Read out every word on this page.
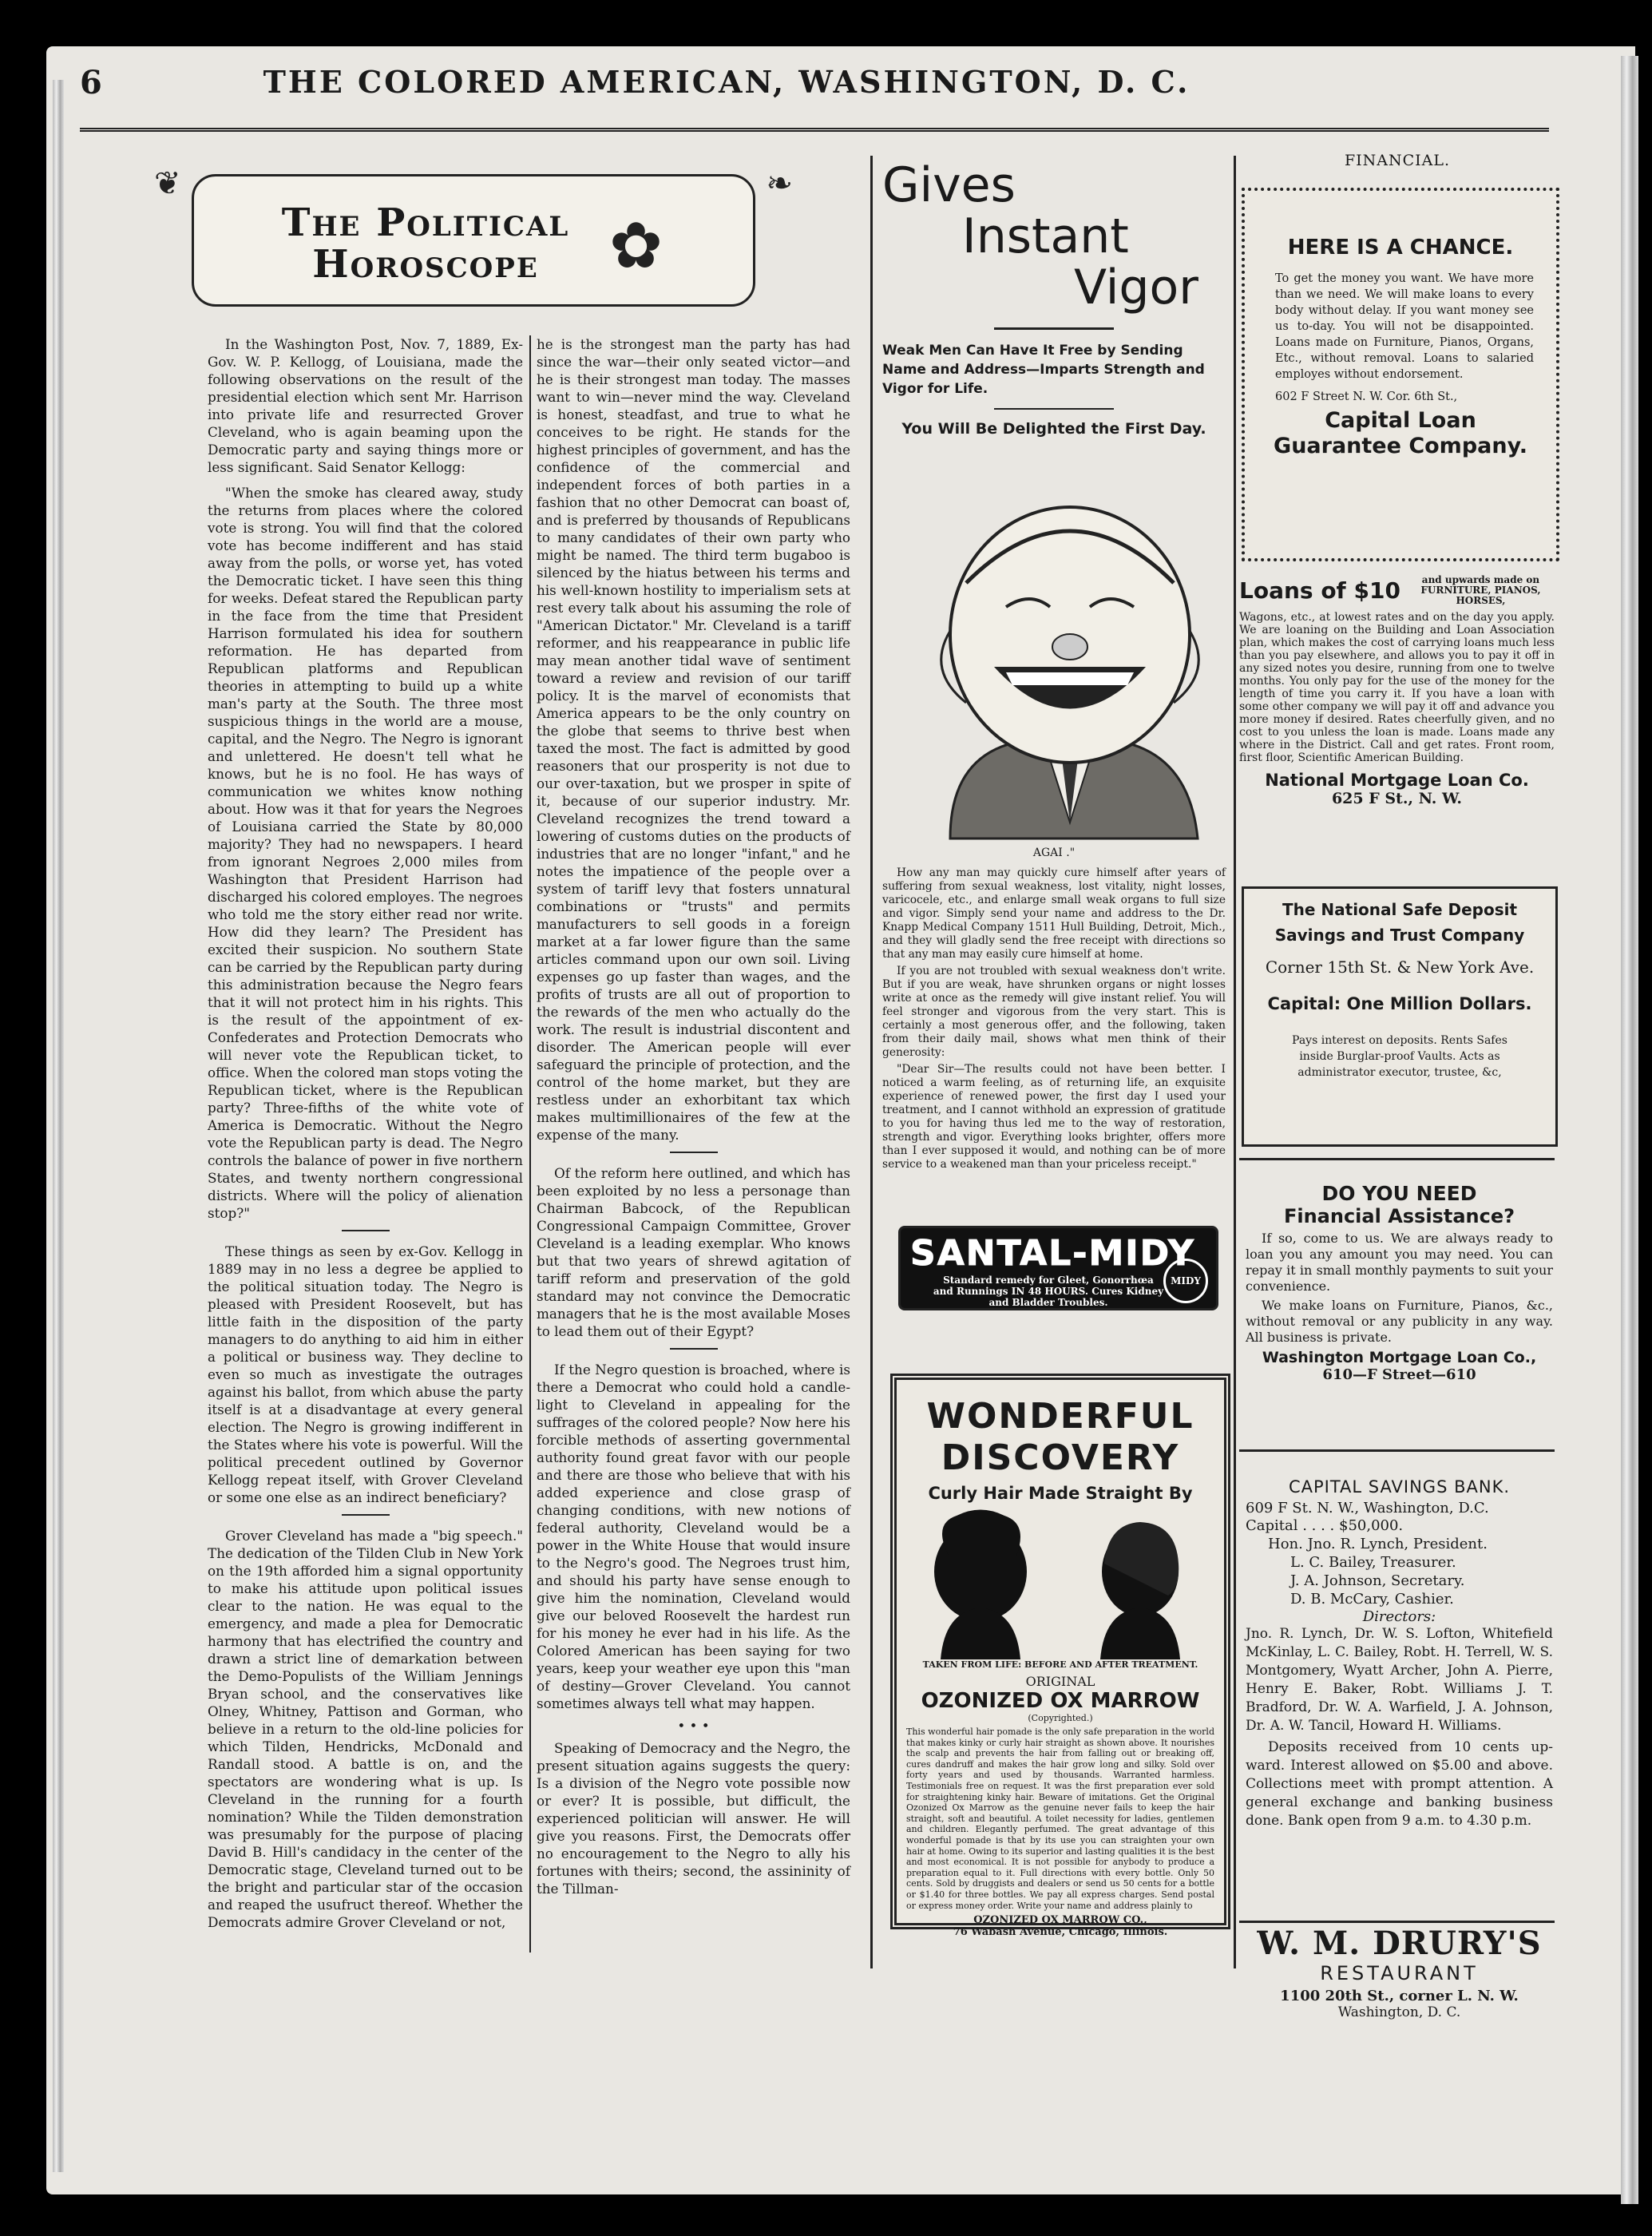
6	THE COLORED AMERICAN, WASHINGTON, D. C.
❦	❧
✿
The Political Horoscope

In the Washington Post, Nov. 7, 1889, Ex-Gov. W. P. Kellogg, of Louisiana, made the following observations on the result of the presidential election which sent Mr. Harrison into private life and resurrected Grover Cleveland, who is again beaming upon the Democratic party and saying things more or less significant. Said Senator Kellogg:

"When the smoke has cleared away, study the returns from places where the colored vote is strong. You will find that the colored vote has become indifferent and has staid away from the polls, or worse yet, has voted the Democratic ticket. I have seen this thing for weeks. Defeat stared the Republican party in the face from the time that President Harrison formulated his idea for southern reformation. He has departed from Republican platforms and Republican theories in attempting to build up a white man's party at the South. The three most suspicious things in the world are a mouse, capital, and the Negro. The Negro is ignorant and unlettered. He doesn't tell what he knows, but he is no fool. He has ways of communication we whites know nothing about. How was it that for years the Negroes of Louisiana carried the State by 80,000 majority? They had no newspapers. I heard from ignorant Negroes 2,000 miles from Washington that President Harrison had discharged his colored employes. The negroes who told me the story either read nor write. How did they learn? The President has excited their suspicion. No southern State can be carried by the Republican party during this administration because the Negro fears that it will not protect him in his rights. This is the result of the appointment of ex-Confederates and Protection Democrats who will never vote the Republican ticket, to office. When the colored man stops voting the Republican ticket, where is the Republican party? Three-fifths of the white vote of America is Democratic. Without the Negro vote the Republican party is dead. The Negro controls the balance of power in five northern States, and twenty northern congressional districts. Where will the policy of alienation stop?"

These things as seen by ex-Gov. Kellogg in 1889 may in no less a degree be applied to the political situation today. The Negro is pleased with President Roosevelt, but has little faith in the disposition of the party managers to do anything to aid him in either a political or business way. They decline to even so much as investigate the outrages against his ballot, from which abuse the party itself is at a disadvantage at every general election. The Negro is growing indifferent in the States where his vote is powerful. Will the political precedent outlined by Governor Kellogg repeat itself, with Grover Cleveland or some one else as an indirect beneficiary?

Grover Cleveland has made a "big speech." The dedication of the Tilden Club in New York on the 19th afforded him a signal opportunity to make his attitude upon political issues clear to the nation. He was equal to the emergency, and made a plea for Democratic harmony that has electrified the country and drawn a strict line of demarkation between the Demo-Populists of the William Jennings Bryan school, and the conservatives like Olney, Whitney, Pattison and Gorman, who believe in a return to the old-line policies for which Tilden, Hendricks, McDonald and Randall stood. A battle is on, and the spectators are wondering what is up. Is Cleveland in the running for a fourth nomination? While the Tilden demonstration was presumably for the purpose of placing David B. Hill's candidacy in the center of the Democratic stage, Cleveland turned out to be the bright and particular star of the occasion and reaped the usufruct thereof. Whether the Democrats admire Grover Cleveland or not,

he is the strongest man the party has had since the war—their only seated victor—and he is their strongest man today. The masses want to win—never mind the way. Cleveland is honest, steadfast, and true to what he conceives to be right. He stands for the highest principles of government, and has the confidence of the commercial and independent forces of both parties in a fashion that no other Democrat can boast of, and is preferred by thousands of Republicans to many candidates of their own party who might be named. The third term bugaboo is silenced by the hiatus between his terms and his well-known hostility to imperialism sets at rest every talk about his assuming the role of "American Dictator." Mr. Cleveland is a tariff reformer, and his reappearance in public life may mean another tidal wave of sentiment toward a review and revision of our tariff policy. It is the marvel of economists that America appears to be the only country on the globe that seems to thrive best when taxed the most. The fact is admitted by good reasoners that our prosperity is not due to our over-taxation, but we prosper in spite of it, because of our superior industry. Mr. Cleveland recognizes the trend toward a lowering of customs duties on the products of industries that are no longer "infant," and he notes the impatience of the people over a system of tariff levy that fosters unnatural combinations or "trusts" and permits manufacturers to sell goods in a foreign market at a far lower figure than the same articles command upon our own soil. Living expenses go up faster than wages, and the profits of trusts are all out of proportion to the rewards of the men who actually do the work. The result is industrial discontent and disorder. The American people will ever safeguard the principle of protection, and the control of the home market, but they are restless under an exhorbitant tax which makes multimillionaires of the few at the expense of the many.

Of the reform here outlined, and which has been exploited by no less a personage than Chairman Babcock, of the Republican Congressional Campaign Committee, Grover Cleveland is a leading exemplar. Who knows but that two years of shrewd agitation of tariff reform and preservation of the gold standard may not convince the Democratic managers that he is the most available Moses to lead them out of their Egypt?

If the Negro question is broached, where is there a Democrat who could hold a candle-light to Cleveland in appealing for the suffrages of the colored people? Now here his forcible methods of asserting governmental authority found great favor with our people and there are those who believe that with his added experience and close grasp of changing conditions, with new notions of federal authority, Cleveland would be a power in the White House that would insure to the Negro's good. The Negroes trust him, and should his party have sense enough to give him the nomination, Cleveland would give our beloved Roosevelt the hardest run for his money he ever had in his life. As the Colored American has been saying for two years, keep your weather eye upon this "man of destiny—Grover Cleveland. You cannot sometimes always tell what may happen.

• • •

Speaking of Democracy and the Negro, the present situation agains suggests the query: Is a division of the Negro vote possible now or ever? It is possible, but difficult, the experienced politician will answer. He will give you reasons. First, the Democrats offer no encouragement to the Negro to ally his fortunes with theirs; second, the assininity of the Tillman-

Gives
Instant
Vigor
Weak Men Can Have It Free by Sending Name and Address—Imparts Strength and Vigor for Life.
You Will Be Delighted the First Day.
AGAI ."

How any man may quickly cure himself after years of suffering from sexual weakness, lost vitality, night losses, varicocele, etc., and enlarge small weak organs to full size and vigor. Simply send your name and address to the Dr. Knapp Medical Company 1511 Hull Building, Detroit, Mich., and they will gladly send the free receipt with directions so that any man may easily cure himself at home.

If you are not troubled with sexual weakness don't write. But if you are weak, have shrunken organs or night losses write at once as the remedy will give instant relief. You will feel stronger and vigorous from the very start. This is certainly a most generous offer, and the following, taken from their daily mail, shows what men think of their generosity:

"Dear Sir—The results could not have been better. I noticed a warm feeling, as of returning life, an exquisite experience of renewed power, the first day I used your treatment, and I cannot withhold an expression of gratitude to you for having thus led me to the way of restoration, strength and vigor. Everything looks brighter, offers more than I ever supposed it would, and nothing can be of more service to a weakened man than your priceless receipt."

SANTAL-MIDY
MIDY
Standard remedy for Gleet, Gonorrhœa and Runnings IN 48 HOURS. Cures Kidney and Bladder Troubles.
WONDERFUL
DISCOVERY
Curly Hair Made Straight By
TAKEN FROM LIFE: BEFORE AND AFTER TREATMENT.
ORIGINAL
OZONIZED OX MARROW
(Copyrighted.)
This wonderful hair pomade is the only safe preparation in the world that makes kinky or curly hair straight as shown above. It nourishes the scalp and prevents the hair from falling out or breaking off, cures dandruff and makes the hair grow long and silky. Sold over forty years and used by thousands. Warranted harmless. Testimonials free on request. It was the first preparation ever sold for straightening kinky hair. Beware of imitations. Get the Original Ozonized Ox Marrow as the genuine never fails to keep the hair straight, soft and beautiful. A toilet necessity for ladies, gentlemen and children. Elegantly perfumed. The great advantage of this wonderful pomade is that by its use you can straighten your own hair at home. Owing to its superior and lasting qualities it is the best and most economical. It is not possible for anybody to produce a preparation equal to it. Full directions with every bottle. Only 50 cents. Sold by druggists and dealers or send us 50 cents for a bottle or $1.40 for three bottles. We pay all express charges. Send postal or express money order. Write your name and address plainly to
OZONIZED OX MARROW CO.,
76 Wabash Avenue, Chicago, Illinois.
FINANCIAL.
HERE IS A CHANCE.
To get the money you want. We have more than we need. We will make loans to every body without delay. If you want money see us to-day. You will not be disappointed. Loans made on Furniture, Pianos, Organs, Etc., without removal. Loans to salaried employes without endorsement.
602 F Street N. W. Cor. 6th St.,
Capital Loan Guarantee Company.
Loans of $10	and upwards made on FURNITURE, PIANOS, HORSES,
Wagons, etc., at lowest rates and on the day you apply. We are loaning on the Building and Loan Association plan, which makes the cost of carrying loans much less than you pay elsewhere, and allows you to pay it off in any sized notes you desire, running from one to twelve months. You only pay for the use of the money for the length of time you carry it. If you have a loan with some other company we will pay it off and advance you more money if desired. Rates cheerfully given, and no cost to you unless the loan is made. Loans made any where in the District. Call and get rates. Front room, first floor, Scientific American Building.
National Mortgage Loan Co.
625 F St., N. W.
The National Safe Deposit Savings and Trust Company
Corner 15th St. & New York Ave.
Capital: One Million Dollars.
Pays interest on deposits. Rents Safes inside Burglar-proof Vaults. Acts as administrator executor, trustee, &c,
DO YOU NEED
Financial Assistance?
If so, come to us. We are always ready to loan you any amount you may need. You can repay it in small monthly payments to suit your convenience.
We make loans on Furniture, Pianos, &c., without removal or any publicity in any way. All business is private.
Washington Mortgage Loan Co.,
610—F Street—610
CAPITAL SAVINGS BANK.
609 F St. N. W., Washington, D.C.
Capital . . . . $50,000.
Hon. Jno. R. Lynch, President.
L. C. Bailey, Treasurer.
J. A. Johnson, Secretary.
D. B. McCary, Cashier.
Directors:
Jno. R. Lynch, Dr. W. S. Lofton, Whitefield McKinlay, L. C. Bailey, Robt. H. Terrell, W. S. Montgomery, Wyatt Archer, John A. Pierre, Henry E. Baker, Robt. Williams J. T. Bradford, Dr. W. A. Warfield, J. A. Johnson, Dr. A. W. Tancil, Howard H. Williams.
Deposits received from 10 cents up-ward. Interest allowed on $5.00 and above. Collections meet with prompt attention. A general exchange and banking business done. Bank open from 9 a.m. to 4.30 p.m.
W. M. DRURY'S
RESTAURANT
1100 20th St., corner L. N. W.
Washington, D. C.
